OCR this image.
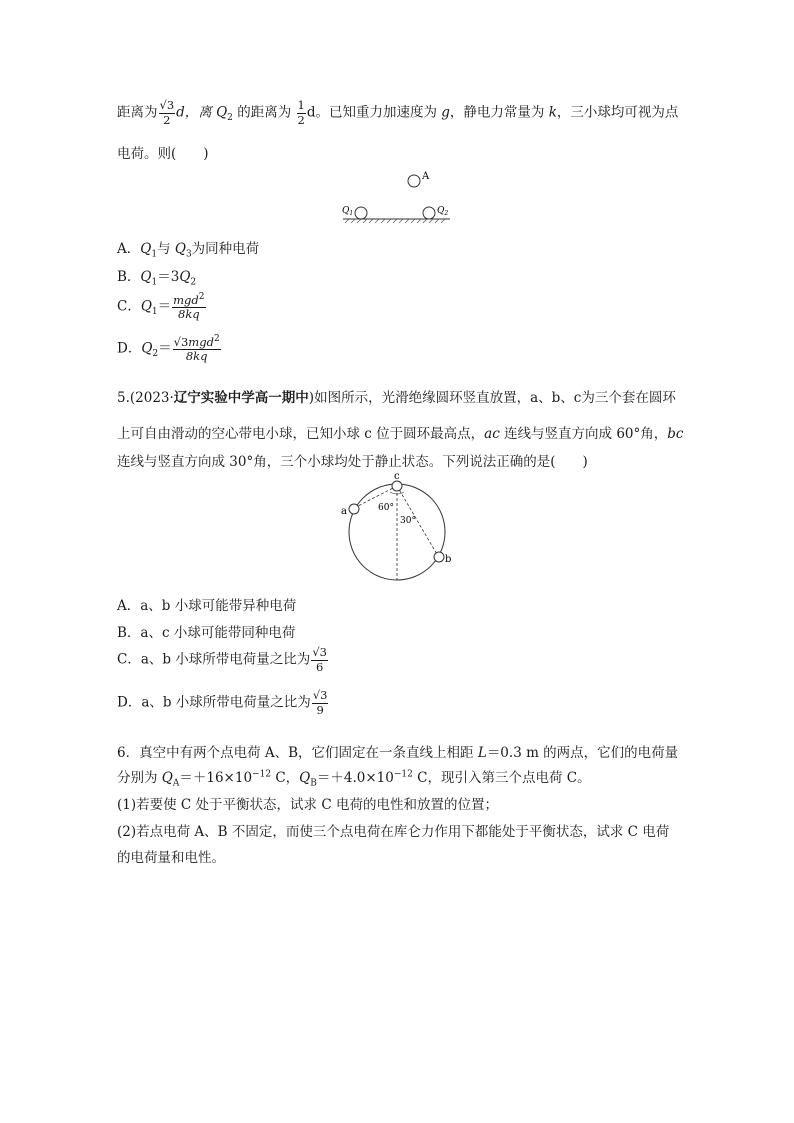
距离为 $\frac{√3}{2}$ d，离 $Q_2$ 的距离为 $\frac{1}{2}$ d。已知重力加速度为 g，静电力常量为 k，三小球均可视为点
电荷。则(　　)
A
$Q_1$	$Q_2$
A．$Q_1$与 $Q_3$为同种电荷
B．$Q_1=3Q_2$
C．$Q_1= \frac{mgd^2}{8kq}$
D．$Q_2= \frac{√3mgd^2}{8kq}$
5.(2023·辽宁实验中学高一期中)如图所示，光滑绝缘圆环竖直放置，a、b、c为三个套在圆环
上可自由滑动的空心带电小球，已知小球 c 位于圆环最高点，ac 连线与竖直方向成 60°角，bc
连线与竖直方向成 30°角，三个小球均处于静止状态。下列说法正确的是(　　)
c
a
b
60°
30°
A．a、b 小球可能带异种电荷
B．a、c 小球可能带同种电荷
C．a、b 小球所带电荷量之比为 $\frac{√3}{6}$
D．a、b 小球所带电荷量之比为 $\frac{√3}{9}$
6．真空中有两个点电荷 A、B，它们固定在一条直线上相距 L＝0.3 m 的两点，它们的电荷量
分别为 $Q_A=+16\times 10^{-12}$ C，$Q_B=+4.0\times 10^{-12}$ C，现引入第三个点电荷 C。
(1)若要使 C 处于平衡状态，试求 C 电荷的电性和放置的位置；
(2)若点电荷 A、B 不固定，而使三个点电荷在库仑力作用下都能处于平衡状态，试求 C 电荷
的电荷量和电性。
